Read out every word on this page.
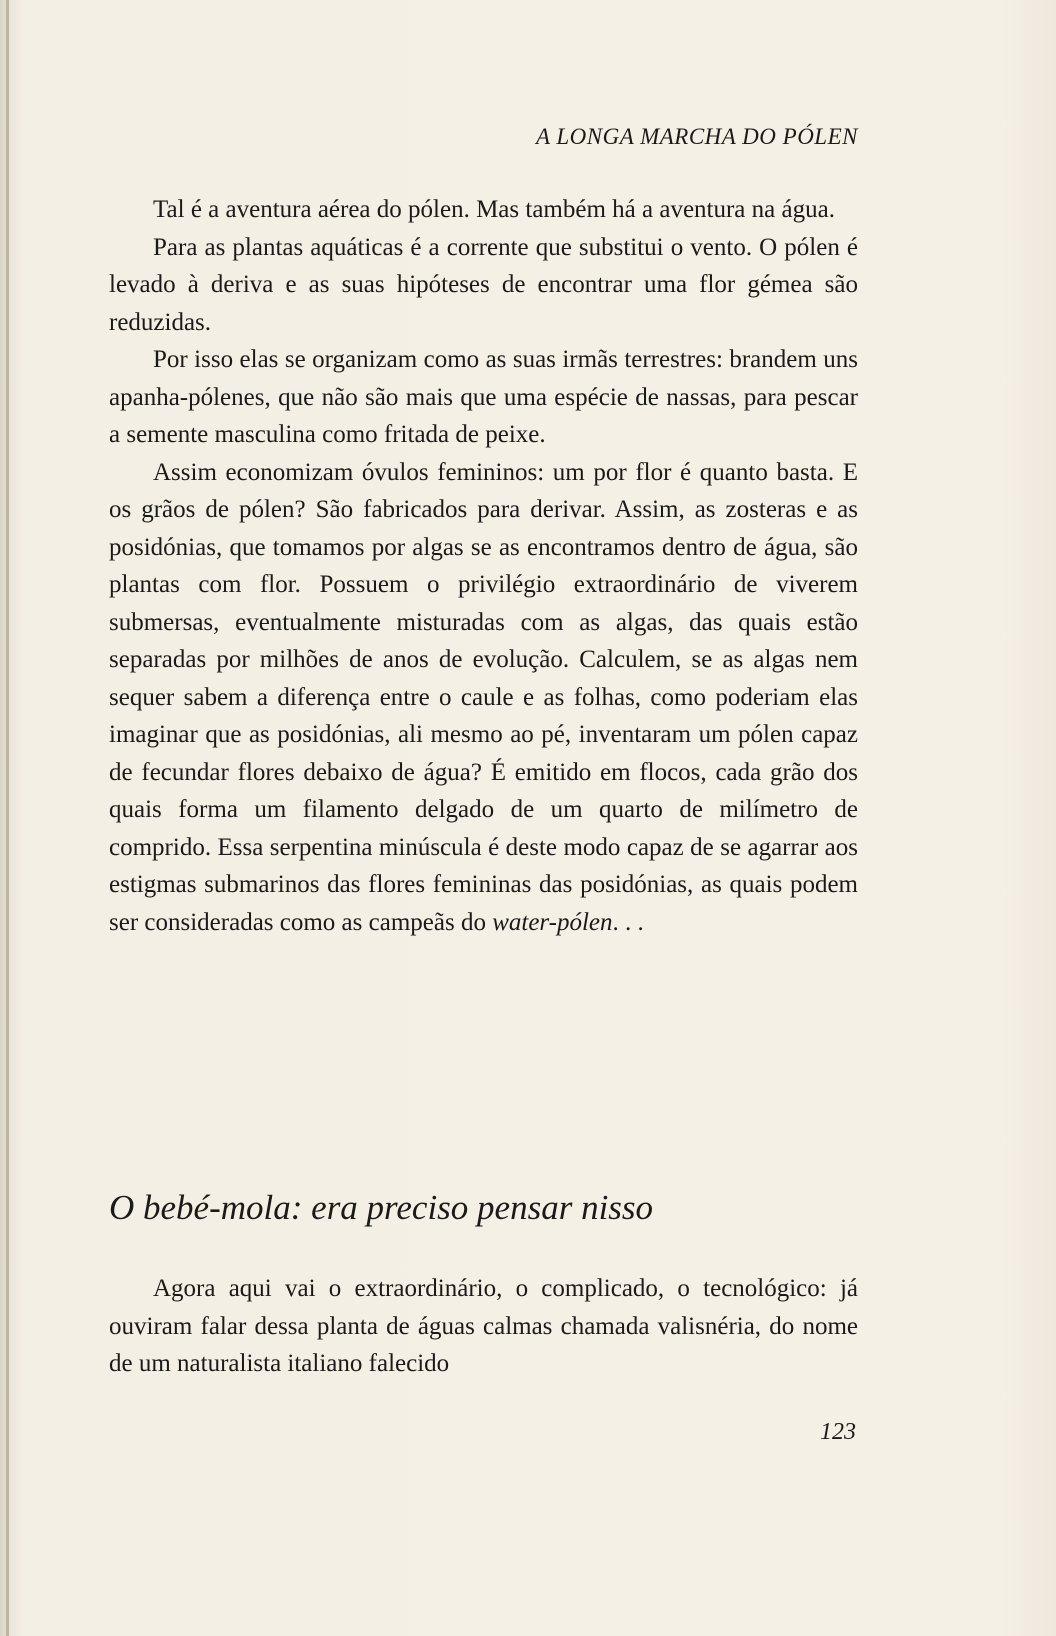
A LONGA MARCHA DO PÓLEN

Tal é a aventura aérea do pólen. Mas também há a aventura na água.

Para as plantas aquáticas é a corrente que substitui o vento. O pólen é levado à deriva e as suas hipóteses de encontrar uma flor gémea são reduzidas.

Por isso elas se organizam como as suas irmãs terrestres: brandem uns apanha-pólenes, que não são mais que uma espécie de nassas, para pescar a semente masculina como fritada de peixe.

Assim economizam óvulos femininos: um por flor é quanto basta. E os grãos de pólen? São fabricados para derivar. Assim, as zosteras e as posidónias, que tomamos por algas se as encontramos dentro de água, são plantas com flor. Possuem o privilégio extraordinário de viverem submersas, eventualmente misturadas com as algas, das quais estão separadas por milhões de anos de evolução. Calculem, se as algas nem sequer sabem a diferença entre o caule e as folhas, como poderiam elas imaginar que as posidónias, ali mesmo ao pé, inventaram um pólen capaz de fecundar flores debaixo de água? É emitido em flocos, cada grão dos quais forma um filamento delgado de um quarto de milímetro de comprido. Essa serpentina minúscula é deste modo capaz de se agarrar aos estigmas submarinos das flores femininas das posidónias, as quais podem ser consideradas como as campeãs do water-pólen. . .

O bebé-mola: era preciso pensar nisso

Agora aqui vai o extraordinário, o complicado, o tecnológico: já ouviram falar dessa planta de águas calmas chamada valisnéria, do nome de um naturalista italiano falecido

123
